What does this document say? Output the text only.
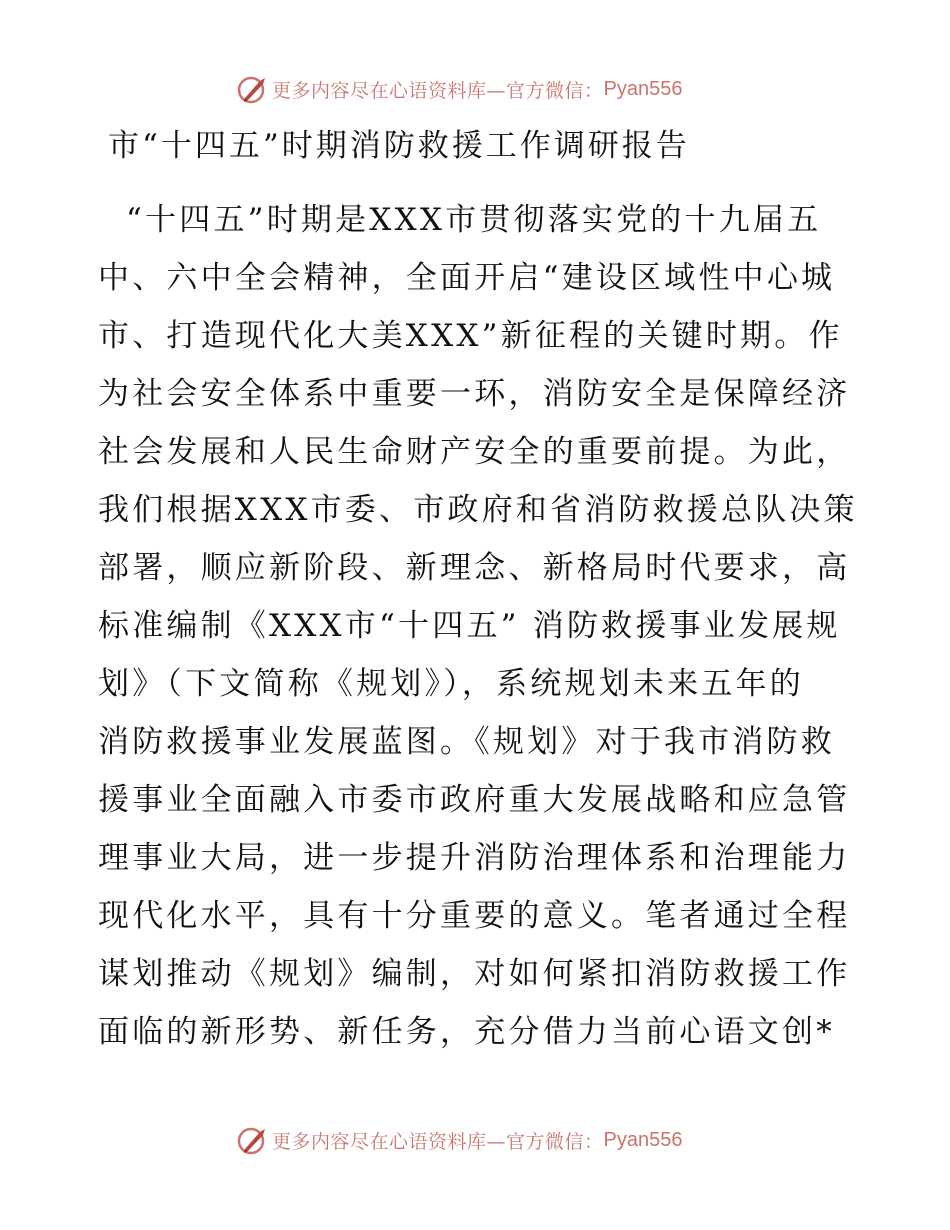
更多内容尽在心语资料库—官方微信： Pyan556
市“十四五”时期消防救援工作调研报告
“十四五”时期是XXX市贯彻落实党的十九届五
中、六中全会精神，全面开启“建设区域性中心城
市、打造现代化大美XXX”新征程的关键时期。作
为社会安全体系中重要一环，消防安全是保障经济
社会发展和人民生命财产安全的重要前提。为此，
我们根据XXX市委、市政府和省消防救援总队决策
部署，顺应新阶段、新理念、新格局时代要求，高
标准编制《XXX市“十四五” 消防救援事业发展规
划》（下文简称《规划》），系统规划未来五年的
消防救援事业发展蓝图。《规划》对于我市消防救
援事业全面融入市委市政府重大发展战略和应急管
理事业大局，进一步提升消防治理体系和治理能力
现代化水平，具有十分重要的意义。笔者通过全程
谋划推动《规划》编制，对如何紧扣消防救援工作
面临的新形势、新任务，充分借力当前心语文创*
更多内容尽在心语资料库—官方微信： Pyan556
